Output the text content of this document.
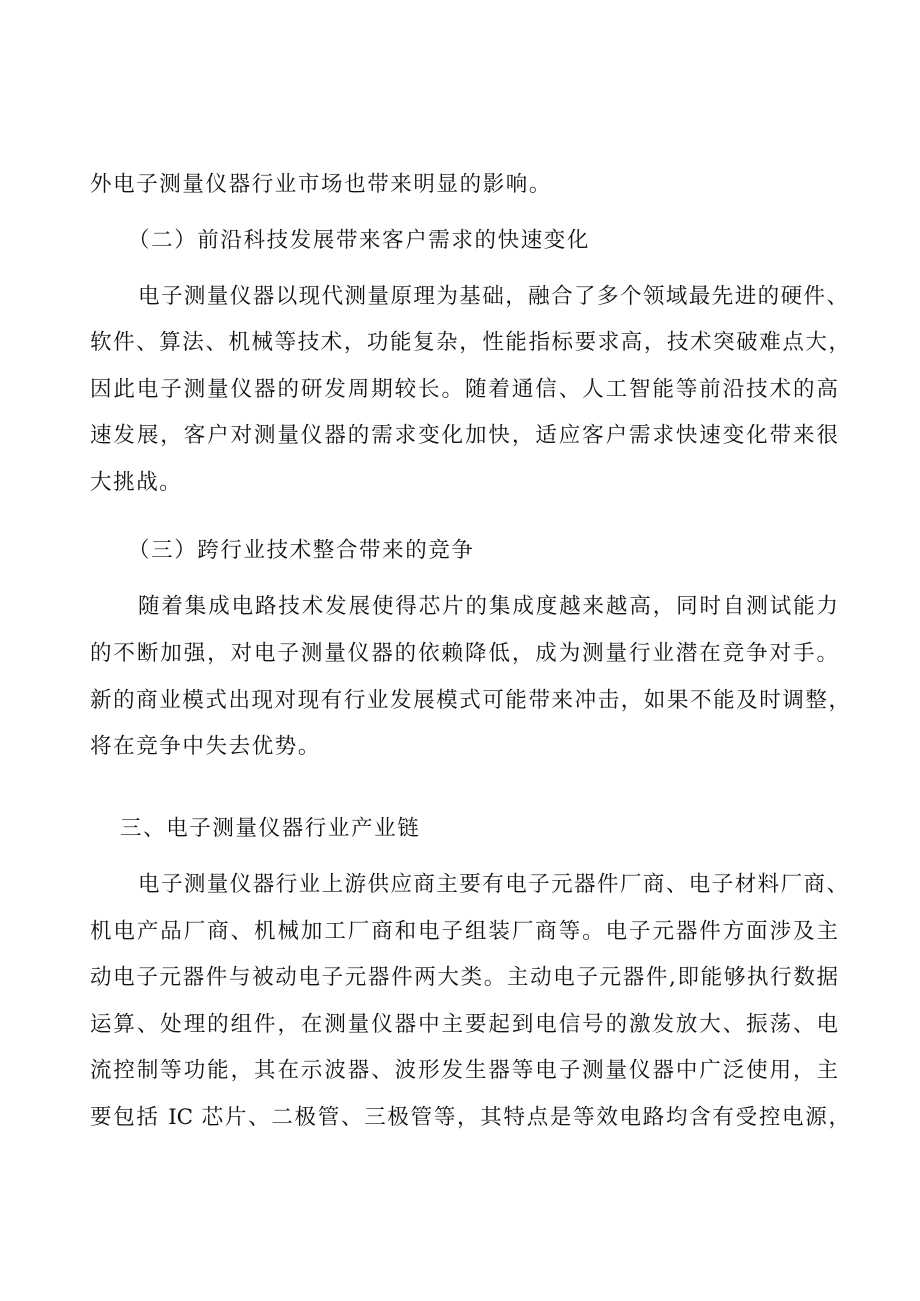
外电子测量仪器行业市场也带来明显的影响。
（二）前沿科技发展带来客户需求的快速变化
电子测量仪器以现代测量原理为基础，融合了多个领域最先进的硬件、
软件、算法、机械等技术，功能复杂，性能指标要求高，技术突破难点大，
因此电子测量仪器的研发周期较长。随着通信、人工智能等前沿技术的高
速发展，客户对测量仪器的需求变化加快，适应客户需求快速变化带来很
大挑战。
（三）跨行业技术整合带来的竞争
随着集成电路技术发展使得芯片的集成度越来越高，同时自测试能力
的不断加强，对电子测量仪器的依赖降低，成为测量行业潜在竞争对手。
新的商业模式出现对现有行业发展模式可能带来冲击，如果不能及时调整，
将在竞争中失去优势。
三、电子测量仪器行业产业链
电子测量仪器行业上游供应商主要有电子元器件厂商、电子材料厂商、
机电产品厂商、机械加工厂商和电子组装厂商等。电子元器件方面涉及主
动电子元器件与被动电子元器件两大类。主动电子元器件,即能够执行数据
运算、处理的组件，在测量仪器中主要起到电信号的激发放大、振荡、电
流控制等功能，其在示波器、波形发生器等电子测量仪器中广泛使用，主
要包括 IC 芯片、二极管、三极管等，其特点是等效电路均含有受控电源，
